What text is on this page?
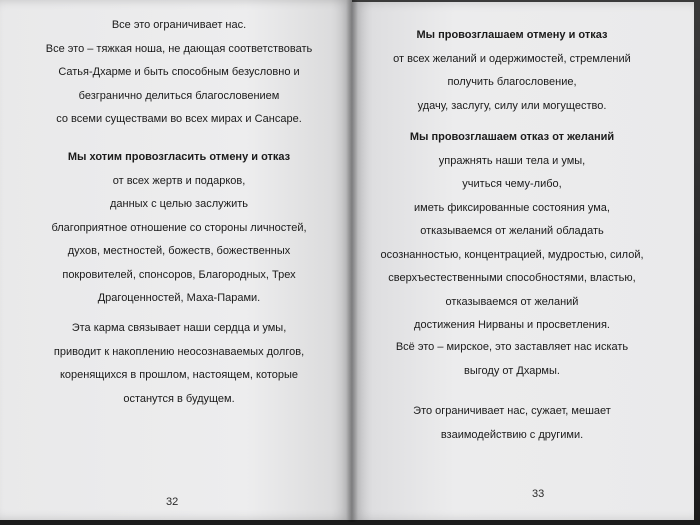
Все это ограничивает нас.
Все это – тяжкая ноша, не дающая соответствовать
Сатья-Дхарме и быть способным безусловно и
безгранично делиться благословением
со всеми существами во всех мирах и Сансаре.
Мы хотим провозгласить отмену и отказ
от всех жертв и подарков,
данных с целью заслужить
благоприятное отношение со стороны личностей,
духов, местностей, божеств, божественных
покровителей, спонсоров, Благородных, Трех
Драгоценностей, Маха-Парами.
Эта карма связывает наши сердца и умы,
приводит к накоплению неосознаваемых долгов,
коренящихся в прошлом, настоящем, которые
останутся в будущем.
32
Мы провозглашаем отмену и отказ
от всех желаний и одержимостей, стремлений
получить благословение,
удачу, заслугу, силу или могущество.
Мы провозглашаем отказ от желаний
упражнять наши тела и умы,
учиться чему-либо,
иметь фиксированные состояния ума,
отказываемся от желаний обладать
осознанностью, концентрацией, мудростью, силой,
сверхъестественными способностями, властью,
отказываемся от желаний
достижения Нирваны и просветления.
Всё это – мирское, это заставляет нас искать
выгоду от Дхармы.
Это ограничивает нас, сужает, мешает
взаимодействию с другими.
33
